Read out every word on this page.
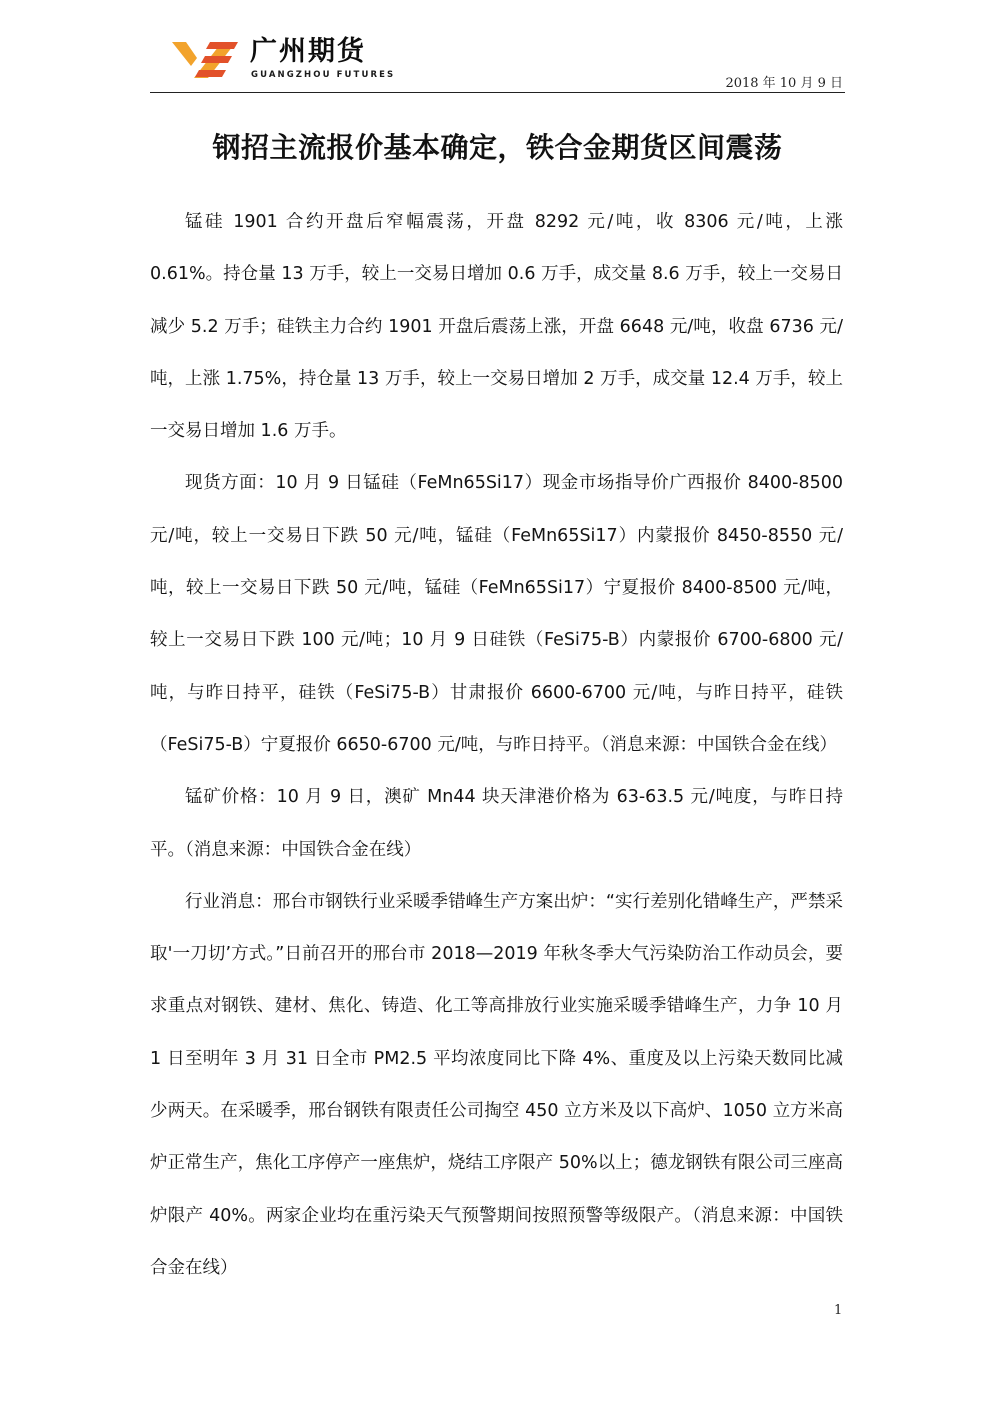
广州期货
GUANGZHOU FUTURES
2018 年 10 月 9 日
钢招主流报价基本确定，铁合金期货区间震荡

锰硅 1901 合约开盘后窄幅震荡，开盘 8292 元/吨，收 8306 元/吨，上涨 0.61%。持仓量 13 万手，较上一交易日增加 0.6 万手，成交量 8.6 万手，较上一交易日减少 5.2 万手；硅铁主力合约 1901 开盘后震荡上涨，开盘 6648 元/吨，收盘 6736 元/吨，上涨 1.75%，持仓量 13 万手，较上一交易日增加 2 万手，成交量 12.4 万手，较上一交易日增加 1.6 万手。

现货方面：10 月 9 日锰硅（FeMn65Si17）现金市场指导价广西报价 8400-8500 元/吨，较上一交易日下跌 50 元/吨，锰硅（FeMn65Si17）内蒙报价 8450-8550 元/吨，较上一交易日下跌 50 元/吨，锰硅（FeMn65Si17）宁夏报价 8400-8500 元/吨，较上一交易日下跌 100 元/吨；10 月 9 日硅铁（FeSi75-B）内蒙报价 6700-6800 元/吨，与昨日持平，硅铁（FeSi75-B）甘肃报价 6600-6700 元/吨，与昨日持平，硅铁（FeSi75-B）宁夏报价 6650-6700 元/吨，与昨日持平。（消息来源：中国铁合金在线）

锰矿价格：10 月 9 日，澳矿 Mn44 块天津港价格为 63-63.5 元/吨度，与昨日持平。（消息来源：中国铁合金在线）

行业消息：邢台市钢铁行业采暖季错峰生产方案出炉：“实行差别化错峰生产，严禁采取'一刀切’方式。”日前召开的邢台市 2018—2019 年秋冬季大气污染防治工作动员会，要求重点对钢铁、建材、焦化、铸造、化工等高排放行业实施采暖季错峰生产，力争 10 月 1 日至明年 3 月 31 日全市 PM2.5 平均浓度同比下降 4%、重度及以上污染天数同比减少两天。在采暖季，邢台钢铁有限责任公司掏空 450 立方米及以下高炉、1050 立方米高炉正常生产，焦化工序停产一座焦炉，烧结工序限产 50%以上；德龙钢铁有限公司三座高炉限产 40%。两家企业均在重污染天气预警期间按照预警等级限产。（消息来源：中国铁合金在线）

1
